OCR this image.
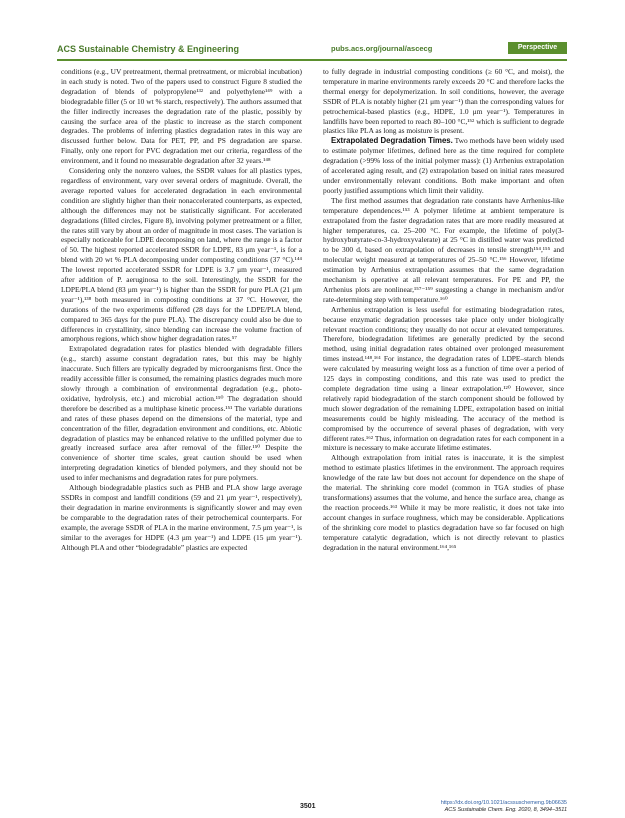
ACS Sustainable Chemistry & Engineering	pubs.acs.org/journal/ascecg	Perspective

conditions (e.g., UV pretreatment, thermal pretreatment, or microbial incubation) in each study is noted. Two of the papers used to construct Figure 8 studied the degradation of blends of polypropylene¹³² and polyethylene¹⁴⁹ with a biodegradable filler (5 or 10 wt % starch, respectively). The authors assumed that the filler indirectly increases the degradation rate of the plastic, possibly by causing the surface area of the plastic to increase as the starch component degrades. The problems of inferring plastics degradation rates in this way are discussed further below. Data for PET, PP, and PS degradation are sparse. Finally, only one report for PVC degradation met our criteria, regardless of the environment, and it found no measurable degradation after 32 years.¹⁴⁸

Considering only the nonzero values, the SSDR values for all plastics types, regardless of environment, vary over several orders of magnitude. Overall, the average reported values for accelerated degradation in each environmental condition are slightly higher than their nonaccelerated counterparts, as expected, although the differences may not be statistically significant. For accelerated degradations (filled circles, Figure 8), involving polymer pretreatment or a filler, the rates still vary by about an order of magnitude in most cases. The variation is especially noticeable for LDPE decomposing on land, where the range is a factor of 50. The highest reported accelerated SSDR for LDPE, 83 μm year⁻¹, is for a blend with 20 wt % PLA decomposing under composting conditions (37 °C).¹⁴⁴ The lowest reported accelerated SSDR for LDPE is 3.7 μm year⁻¹, measured after addition of P. aeruginosa to the soil. Interestingly, the SSDR for the LDPE/PLA blend (83 μm year⁻¹) is higher than the SSDR for pure PLA (21 μm year⁻¹),¹³⁸ both measured in composting conditions at 37 °C. However, the durations of the two experiments differed (28 days for the LDPE/PLA blend, compared to 365 days for the pure PLA). The discrepancy could also be due to differences in crystallinity, since blending can increase the volume fraction of amorphous regions, which show higher degradation rates.⁵⁷

Extrapolated degradation rates for plastics blended with degradable fillers (e.g., starch) assume constant degradation rates, but this may be highly inaccurate. Such fillers are typically degraded by microorganisms first. Once the readily accessible filler is consumed, the remaining plastics degrades much more slowly through a combination of environmental degradation (e.g., photo-oxidative, hydrolysis, etc.) and microbial action.¹⁵⁰ The degradation should therefore be described as a multiphase kinetic process.¹⁵¹ The variable durations and rates of these phases depend on the dimensions of the material, type and concentration of the filler, degradation environment and conditions, etc. Abiotic degradation of plastics may be enhanced relative to the unfilled polymer due to greatly increased surface area after removal of the filler.¹⁵⁰ Despite the convenience of shorter time scales, great caution should be used when interpreting degradation kinetics of blended polymers, and they should not be used to infer mechanisms and degradation rates for pure polymers.

Although biodegradable plastics such as PHB and PLA show large average SSDRs in compost and landfill conditions (59 and 21 μm year⁻¹, respectively), their degradation in marine environments is significantly slower and may even be comparable to the degradation rates of their petrochemical counterparts. For example, the average SSDR of PLA in the marine environment, 7.5 μm year⁻¹, is similar to the averages for HDPE (4.3 μm year⁻¹) and LDPE (15 μm year⁻¹). Although PLA and other “biodegradable” plastics are expected

to fully degrade in industrial composting conditions (≥ 60 °C, and moist), the temperature in marine environments rarely exceeds 20 °C and therefore lacks the thermal energy for depolymerization. In soil conditions, however, the average SSDR of PLA is notably higher (21 μm year⁻¹) than the corresponding values for petrochemical-based plastics (e.g., HDPE, 1.0 μm year⁻¹). Temperatures in landfills have been reported to reach 80–100 °C,¹⁵² which is sufficient to degrade plastics like PLA as long as moisture is present.

Extrapolated Degradation Times. Two methods have been widely used to estimate polymer lifetimes, defined here as the time required for complete degradation (>99% loss of the initial polymer mass): (1) Arrhenius extrapolation of accelerated aging result, and (2) extrapolation based on initial rates measured under environmentally relevant conditions. Both make important and often poorly justified assumptions which limit their validity.

The first method assumes that degradation rate constants have Arrhenius-like temperature dependences.¹⁵³ A polymer lifetime at ambient temperature is extrapolated from the faster degradation rates that are more readily measured at higher temperatures, ca. 25–200 °C. For example, the lifetime of poly(3-hydroxybutyrate-co-3-hydroxyvalerate) at 25 °C in distilled water was predicted to be 300 d, based on extrapolation of decreases in tensile strength¹⁵⁴,¹⁵⁵ and molecular weight measured at temperatures of 25–50 °C.¹⁵⁶ However, lifetime estimation by Arrhenius extrapolation assumes that the same degradation mechanism is operative at all relevant temperatures. For PE and PP, the Arrhenius plots are nonlinear,¹⁵⁷⁻¹⁵⁹ suggesting a change in mechanism and/or rate-determining step with temperature.¹⁶⁰

Arrhenius extrapolation is less useful for estimating biodegradation rates, because enzymatic degradation processes take place only under biologically relevant reaction conditions; they usually do not occur at elevated temperatures. Therefore, biodegradation lifetimes are generally predicted by the second method, using initial degradation rates obtained over prolonged measurement times instead.¹⁴⁸,¹⁶¹ For instance, the degradation rates of LDPE–starch blends were calculated by measuring weight loss as a function of time over a period of 125 days in composting conditions, and this rate was used to predict the complete degradation time using a linear extrapolation.¹²⁰ However, since relatively rapid biodegradation of the starch component should be followed by much slower degradation of the remaining LDPE, extrapolation based on initial measurements could be highly misleading. The accuracy of the method is compromised by the occurrence of several phases of degradation, with very different rates.¹⁶² Thus, information on degradation rates for each component in a mixture is necessary to make accurate lifetime estimates.

Although extrapolation from initial rates is inaccurate, it is the simplest method to estimate plastics lifetimes in the environment. The approach requires knowledge of the rate law but does not account for dependence on the shape of the material. The shrinking core model (common in TGA studies of phase transformations) assumes that the volume, and hence the surface area, change as the reaction proceeds.¹⁶³ While it may be more realistic, it does not take into account changes in surface roughness, which may be considerable. Applications of the shrinking core model to plastics degradation have so far focused on high temperature catalytic degradation, which is not directly relevant to plastics degradation in the natural environment.¹⁶⁴,¹⁶⁵

3501	https://dx.doi.org/10.1021/acssuschemeng.9b06635
ACS Sustainable Chem. Eng. 2020, 8, 3494−3511
